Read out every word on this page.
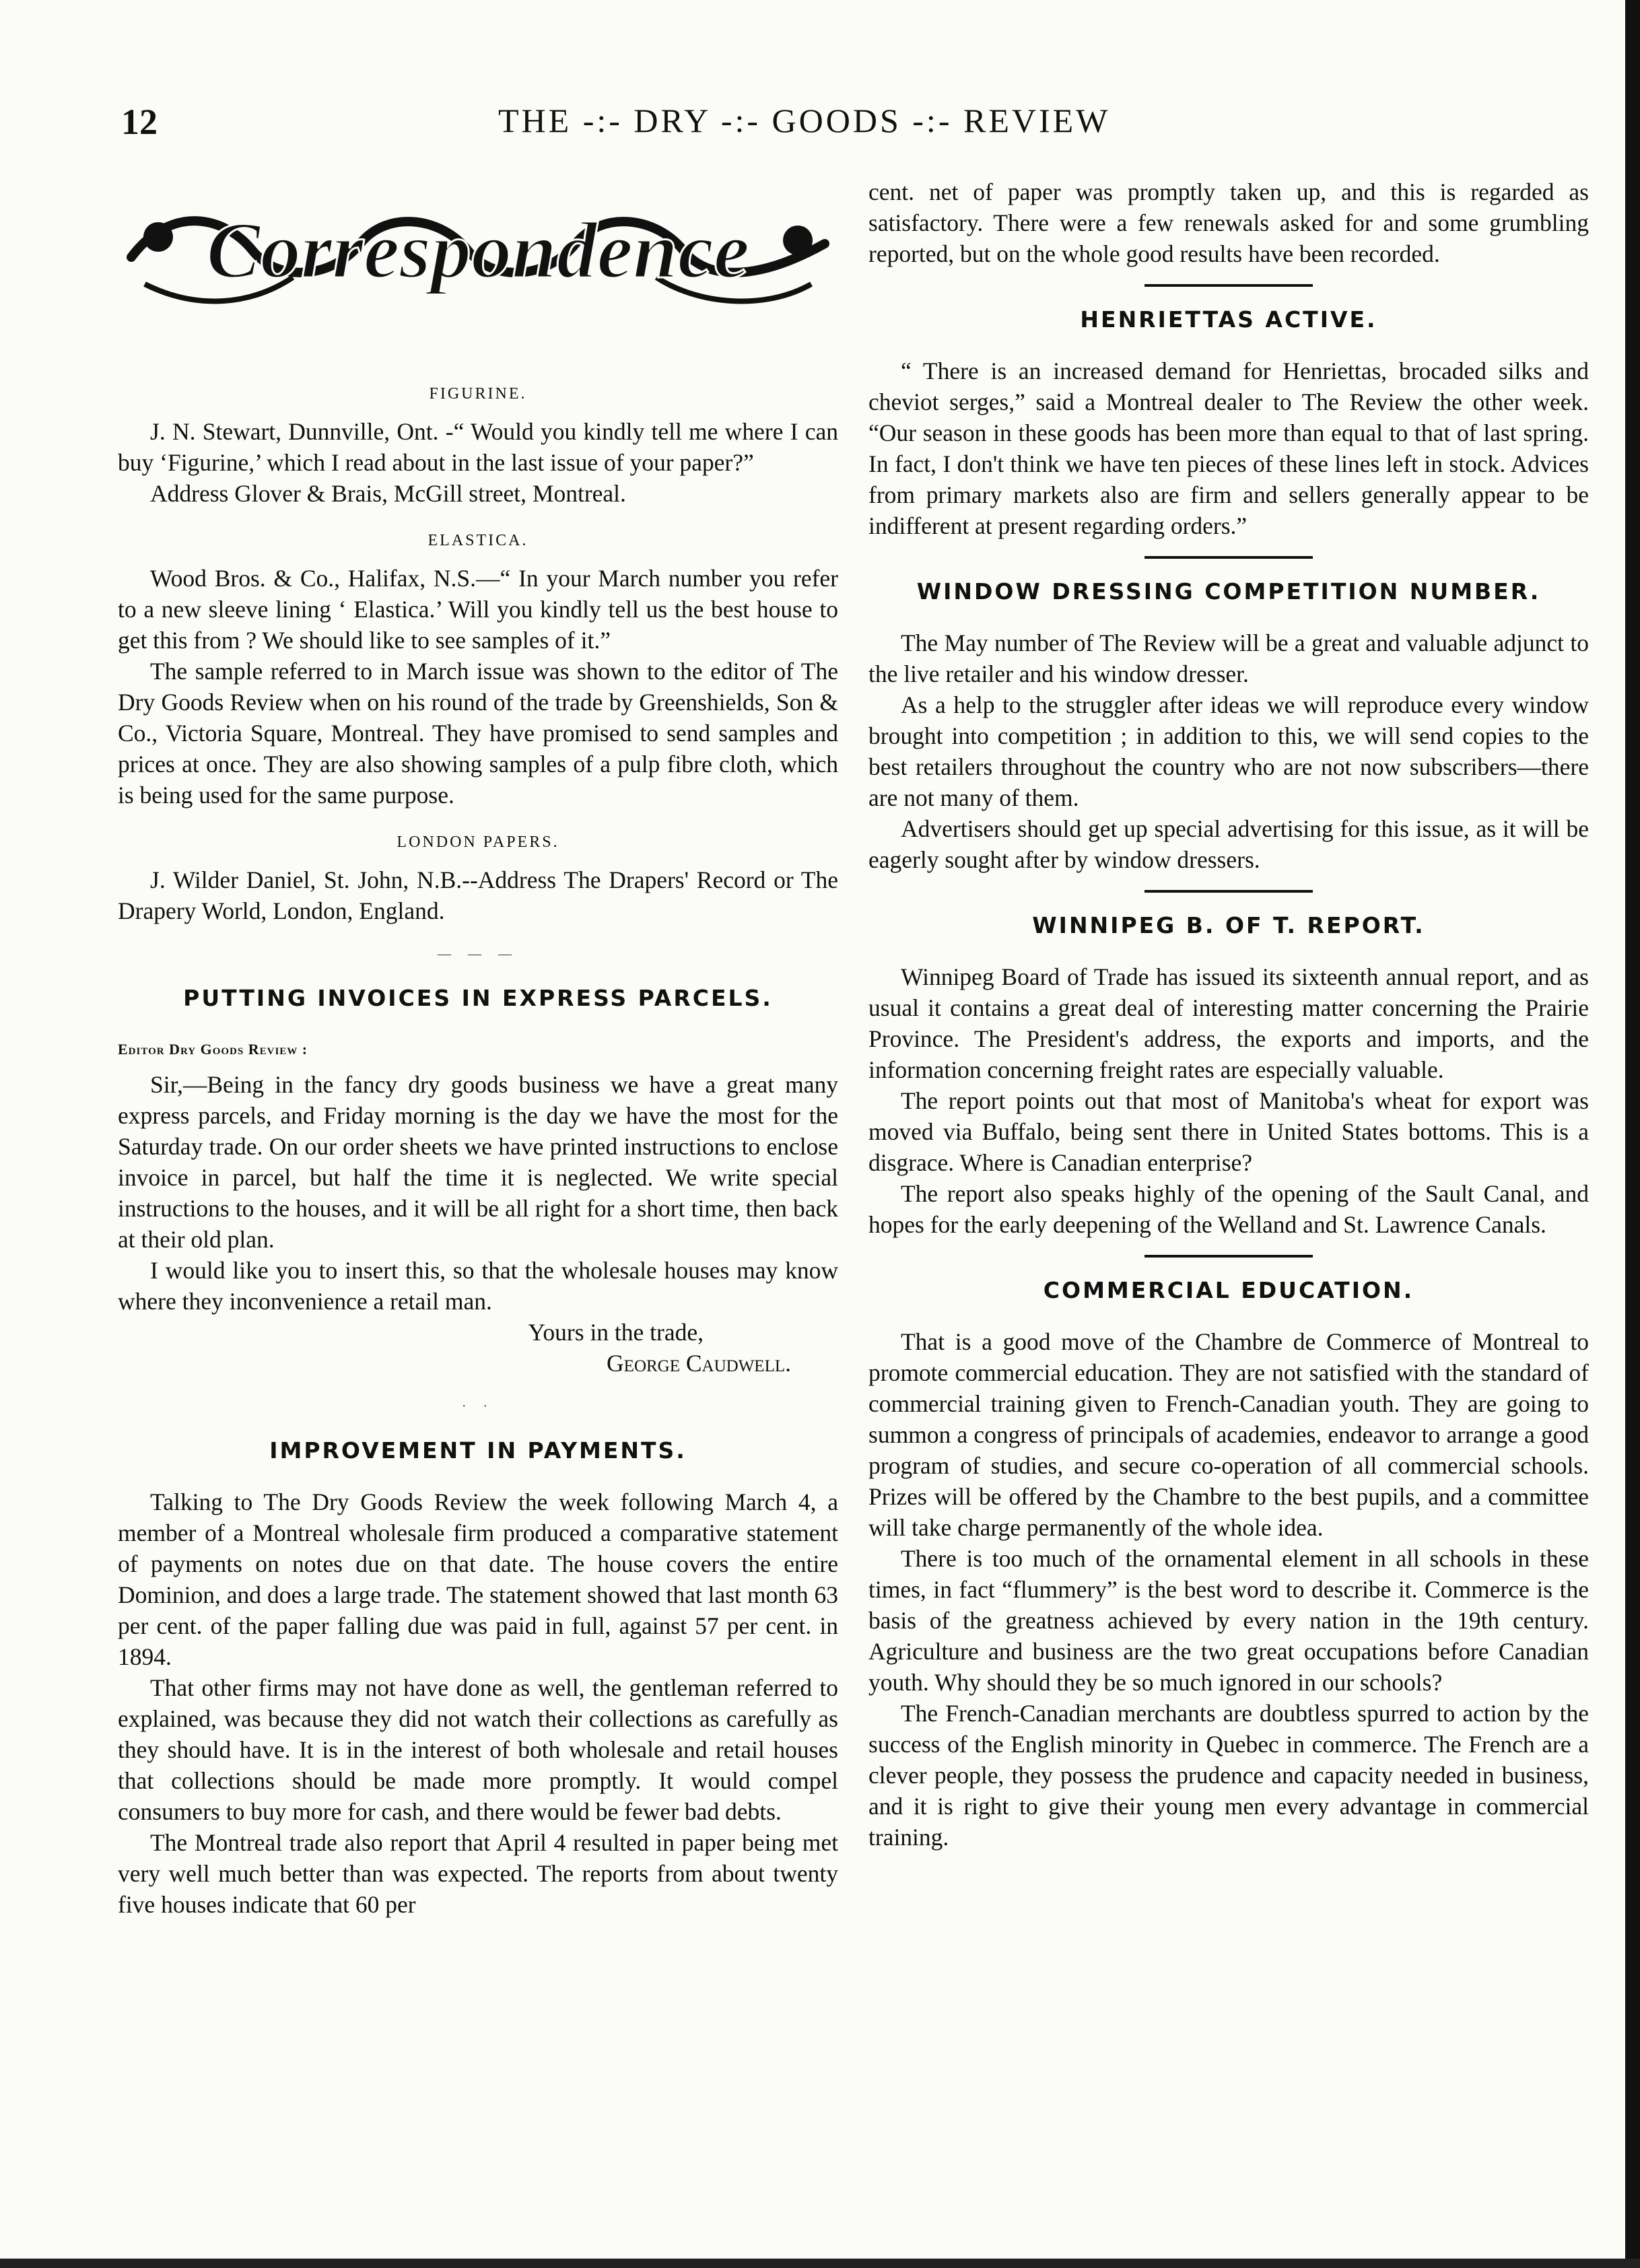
12	THE -:- DRY -:- GOODS -:- REVIEW
Correspondence
FIGURINE.

J. N. Stewart, Dunnville, Ont. -“ Would you kindly tell me where I can buy ‘Figurine,’ which I read about in the last issue of your paper?”

Address Glover & Brais, McGill street, Montreal.

ELASTICA.

Wood Bros. & Co., Halifax, N.S.—“ In your March number you refer to a new sleeve lining ‘ Elastica.’ Will you kindly tell us the best house to get this from ? We should like to see samples of it.”

The sample referred to in March issue was shown to the editor of The Dry Goods Review when on his round of the trade by Greenshields, Son & Co., Victoria Square, Montreal. They have promised to send samples and prices at once. They are also showing samples of a pulp fibre cloth, which is being used for the same purpose.

LONDON PAPERS.

J. Wilder Daniel, St. John, N.B.--Address The Drapers' Record or The Drapery World, London, England.

— — —
PUTTING INVOICES IN EXPRESS PARCELS.
Editor Dry Goods Review :

Sir,—Being in the fancy dry goods business we have a great many express parcels, and Friday morning is the day we have the most for the Saturday trade. On our order sheets we have printed instructions to enclose invoice in parcel, but half the time it is neglected. We write special instructions to the houses, and it will be all right for a short time, then back at their old plan.

I would like you to insert this, so that the wholesale houses may know where they inconvenience a retail man.

Yours in the trade,

George Caudwell.

· ·
IMPROVEMENT IN PAYMENTS.

Talking to The Dry Goods Review the week following March 4, a member of a Montreal wholesale firm produced a comparative statement of payments on notes due on that date. The house covers the entire Dominion, and does a large trade. The statement showed that last month 63 per cent. of the paper falling due was paid in full, against 57 per cent. in 1894.

That other firms may not have done as well, the gentleman referred to explained, was because they did not watch their collections as carefully as they should have. It is in the interest of both wholesale and retail houses that collections should be made more promptly. It would compel consumers to buy more for cash, and there would be fewer bad debts.

The Montreal trade also report that April 4 resulted in paper being met very well much better than was expected. The reports from about twenty five houses indicate that 60 per

cent. net of paper was promptly taken up, and this is regarded as satisfactory. There were a few renewals asked for and some grumbling reported, but on the whole good results have been recorded.

HENRIETTAS ACTIVE.

“ There is an increased demand for Henriettas, brocaded silks and cheviot serges,” said a Montreal dealer to The Review the other week. “Our season in these goods has been more than equal to that of last spring. In fact, I don't think we have ten pieces of these lines left in stock. Advices from primary markets also are firm and sellers generally appear to be indifferent at present regarding orders.”

WINDOW DRESSING COMPETITION NUMBER.

The May number of The Review will be a great and valuable adjunct to the live retailer and his window dresser.

As a help to the struggler after ideas we will reproduce every window brought into competition ; in addition to this, we will send copies to the best retailers throughout the country who are not now subscribers—there are not many of them.

Advertisers should get up special advertising for this issue, as it will be eagerly sought after by window dressers.

WINNIPEG B. OF T. REPORT.

Winnipeg Board of Trade has issued its sixteenth annual report, and as usual it contains a great deal of interesting matter concerning the Prairie Province. The President's address, the exports and imports, and the information concerning freight rates are especially valuable.

The report points out that most of Manitoba's wheat for export was moved via Buffalo, being sent there in United States bottoms. This is a disgrace. Where is Canadian enterprise?

The report also speaks highly of the opening of the Sault Canal, and hopes for the early deepening of the Welland and St. Lawrence Canals.

COMMERCIAL EDUCATION.

That is a good move of the Chambre de Commerce of Montreal to promote commercial education. They are not satisfied with the standard of commercial training given to French-Canadian youth. They are going to summon a congress of principals of academies, endeavor to arrange a good program of studies, and secure co-operation of all commercial schools. Prizes will be offered by the Chambre to the best pupils, and a committee will take charge permanently of the whole idea.

There is too much of the ornamental element in all schools in these times, in fact “flummery” is the best word to describe it. Commerce is the basis of the greatness achieved by every nation in the 19th century. Agriculture and business are the two great occupations before Canadian youth. Why should they be so much ignored in our schools?

The French-Canadian merchants are doubtless spurred to action by the success of the English minority in Quebec in commerce. The French are a clever people, they possess the prudence and capacity needed in business, and it is right to give their young men every advantage in commercial training.
